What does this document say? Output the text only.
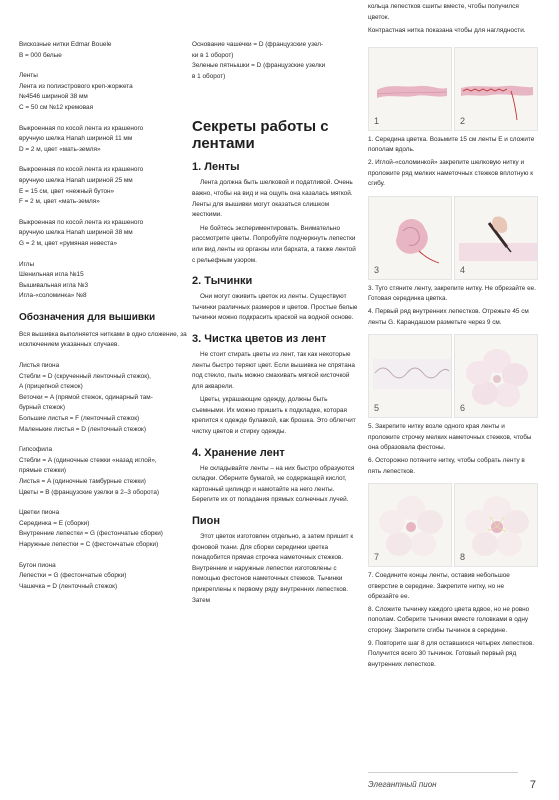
Вискозные нитки Edmar Bouele

B = 000 белые

Ленты

Лента из полиэстрового креп-жоржета

№4546 шириной 38 мм

C = 50 см №12 кремовая

Выкроенная по косой лента из крашеного

вручную шелка Hanah шириной 11 мм

D = 2 м, цвет «мать-земля»

Выкроенная по косой лента из крашеного

вручную шелка Hanah шириной 25 мм

E = 15 см, цвет «нежный бутон»

F = 2 м, цвет «мать-земля»

Выкроенная по косой лента из крашеного

вручную шелка Hanah шириной 38 мм

G = 2 м, цвет «румяная невеста»

Иглы

Шенильная игла №15

Вышивальная игла №3

Игла-«соломинка» №8

Обозначения для вышивки

Вся вышивка выполняется нитками в одно сложение, за исключением указанных случаев.

Листья пиона

Стебли = D (скрученный ленточный стежок),

A (прицепной стежок)

Веточки = A (прямой стежок, одинарный там-

бурный стежок)

Большие листья = F (ленточный стежок)

Маленькие листья = D (ленточный стежок)

Гипсофила

Стебли = A (одиночные стежки «назад иглой»,

прямые стежки)

Листья = A (одиночные тамбурные стежки)

Цветы = B (французские узелки в 2–3 оборота)

Цветки пиона

Серединка = E (сборки)

Внутренние лепестки = G (фестончатые сборки)

Наружные лепестки = C (фестончатые сборки)

Бутон пиона

Лепестки = G (фестончатые сборки)

Чашечка = D (ленточный стежок)

Основание чашечки = D (французские узел-

ки в 1 оборот)

Зеленые пятнышки = D (французские узелки

в 1 оборот)

Секреты работы с лентами
1. Ленты

Лента должна быть шелковой и податливой. Очень важно, чтобы на вид и на ощупь она казалась мягкой. Ленты для вышивки могут оказаться слишком жесткими.

Не бойтесь экспериментировать. Внимательно рассмотрите цветы. Попробуйте подчеркнуть лепестки или вид ленты из органзы или бархата, а также лентой с рельефным узором.

2. Тычинки

Они могут оживить цветок из ленты. Существуют тычинки различных размеров и цветов. Простые белые тычинки можно подкрасить краской на водной основе.

3. Чистка цветов из лент

Не стоит стирать цветы из лент, так как некоторые ленты быстро теряют цвет. Если вышивка не спрятана под стекло, пыль можно смахивать мягкой кисточкой для акварели.

Цветы, украшающие одежду, должны быть съемными. Их можно пришить к подкладке, которая крепится к одежде булавкой, как брошка. Это облегчит чистку цветов и стирку одежды.

4. Хранение лент

Не складывайте ленты – на них быстро образуются складки. Оберните бумагой, не содержащей кислот, картонный цилиндр и намотайте на него ленты. Берегите их от попадания прямых солнечных лучей.

Пион

Этот цветок изготовлен отдельно, а затем пришит к фоновой ткани. Для сборки серединки цветка понадобится прямая строчка наметочных стежков. Внутренние и наружные лепестки изготовлены с помощью фестонов наметочных стежков. Тычинки прикреплены к первому ряду внутренних лепестков. Затем

кольца лепестков сшиты вместе, чтобы получился цветок.

Контрастная нитка показана чтобы для наглядности.

1	2

1. Середина цветка. Возьмите 15 см ленты E и сложите пополам вдоль.

2. Иглой-«соломинкой» закрепите шелковую нитку и проложите ряд мелких наметочных стежков вплотную к сгибу.

3	4

3. Туго стяните ленту, закрепите нитку. Не обрезайте ее. Готовая серединка цветка.

4. Первый ряд внутренних лепестков. Отрежьте 45 см ленты G. Карандашом разметьте через 9 см.

5	6

5. Закрепите нитку возле одного края ленты и проложите строчку мелких наметочных стежков, чтобы она образовала фестоны.

6. Осторожно потяните нитку, чтобы собрать ленту в пять лепестков.

7	8

7. Соедините концы ленты, оставив небольшое отверстие в середине. Закрепите нитку, но не обрезайте ее.

8. Сложите тычинку каждого цвета вдвое, но не ровно пополам. Соберите тычинки вместе головками в одну сторону. Закрепите сгибы тычинок в середине.

9. Повторите шаг 8 для оставшихся четырех лепестков. Получится всего 30 тычинок. Готовый первый ряд внутренних лепестков.

Элегантный пион	7
